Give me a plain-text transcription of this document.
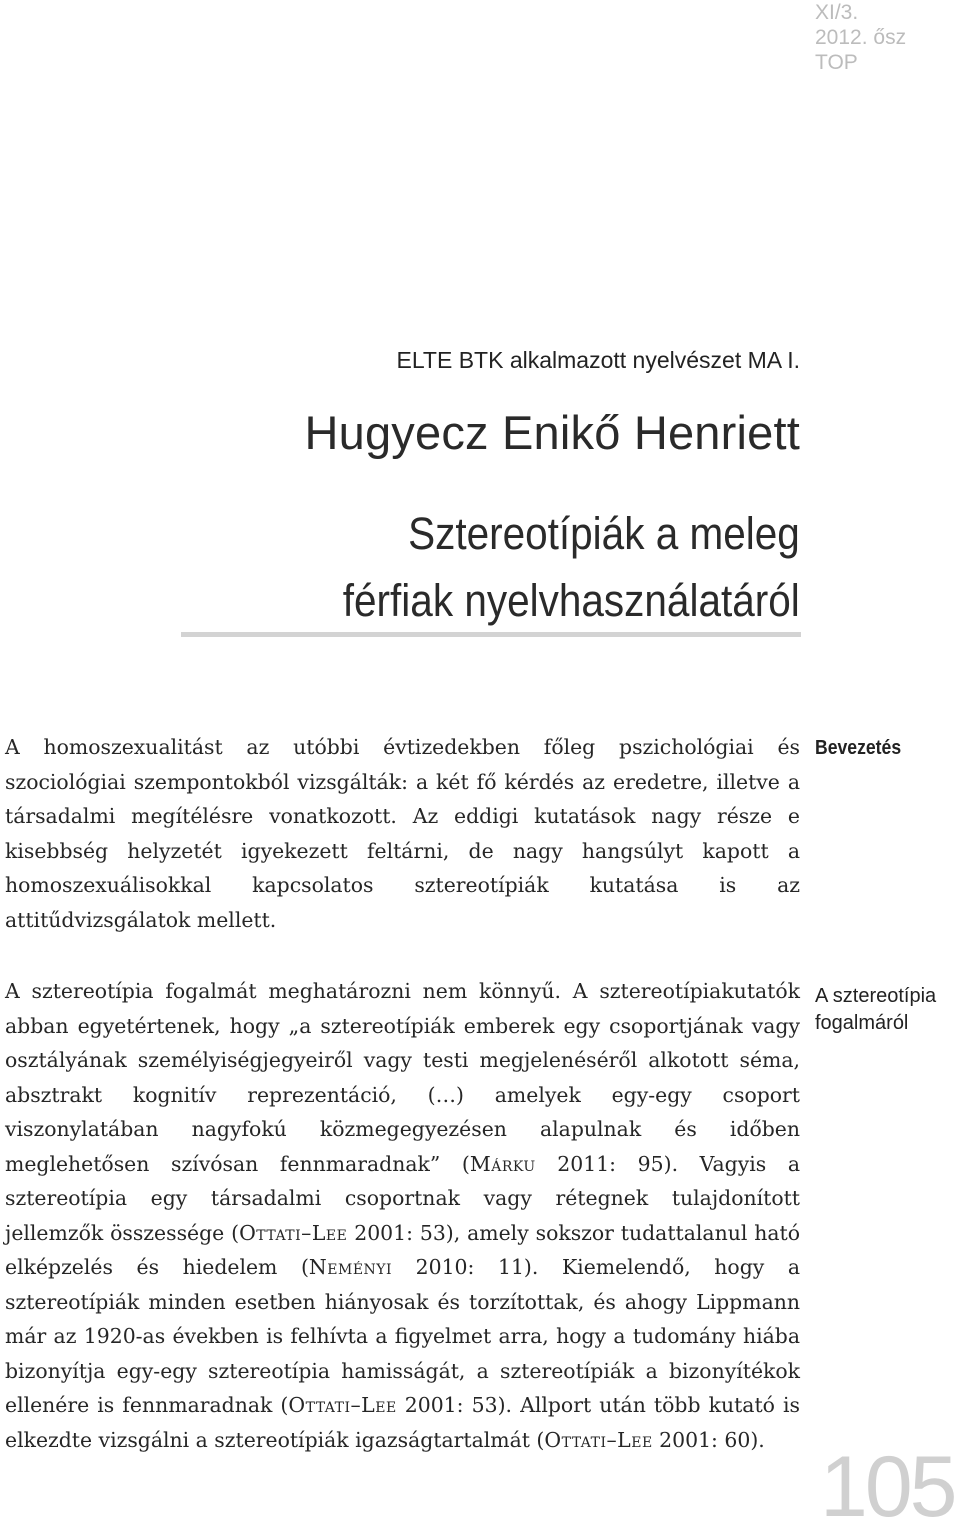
XI/3.
2012. ősz
TOP
ELTE BTK alkalmazott nyelvészet MA I.
Hugyecz Enikő Henriett
Sztereotípiák a meleg
férfiak nyelvhasználatáról
A homoszexualitást az utóbbi évtizedekben főleg pszichológiai és szociológiai szempontokból vizsgálták: a két fő kérdés az eredetre, illetve a társadalmi megítélésre vonatkozott. Az eddigi kutatások nagy része e kisebbség helyzetét igyekezett feltárni, de nagy hangsúlyt kapott a homoszexuálisokkal kapcsolatos sztereotípiák kutatása is az attitűdvizsgálatok mellett.
Bevezetés
A sztereotípia fogalmát meghatározni nem könnyű. A sztereotípiakutatók abban egyetértenek, hogy „a sztereotípiák emberek egy csoportjának vagy osztályának személyiségjegyeiről vagy testi megjelenéséről alkotott séma, absztrakt kognitív reprezentáció, (…) amelyek egy-egy csoport viszonylatában nagyfokú közmegegyezésen alapulnak és időben meglehetősen szívósan fennmaradnak” (Márku 2011: 95). Vagyis a sztereotípia egy társadalmi csoportnak vagy rétegnek tulajdonított jellemzők összessége (Ottati–Lee 2001: 53), amely sokszor tudattalanul ható elképzelés és hiedelem (Neményi 2010: 11). Kiemelendő, hogy a sztereotípiák minden esetben hiányosak és torzítottak, és ahogy Lippmann már az 1920-as években is felhívta a figyelmet arra, hogy a tudomány hiába bizonyítja egy-egy sztereotípia hamisságát, a sztereotípiák a bizonyítékok ellenére is fennmaradnak (Ottati–Lee 2001: 53). Allport után több kutató is elkezdte vizsgálni a sztereotípiák igazságtartalmát (Ottati–Lee 2001: 60).
A sztereotípia
fogalmáról
105
